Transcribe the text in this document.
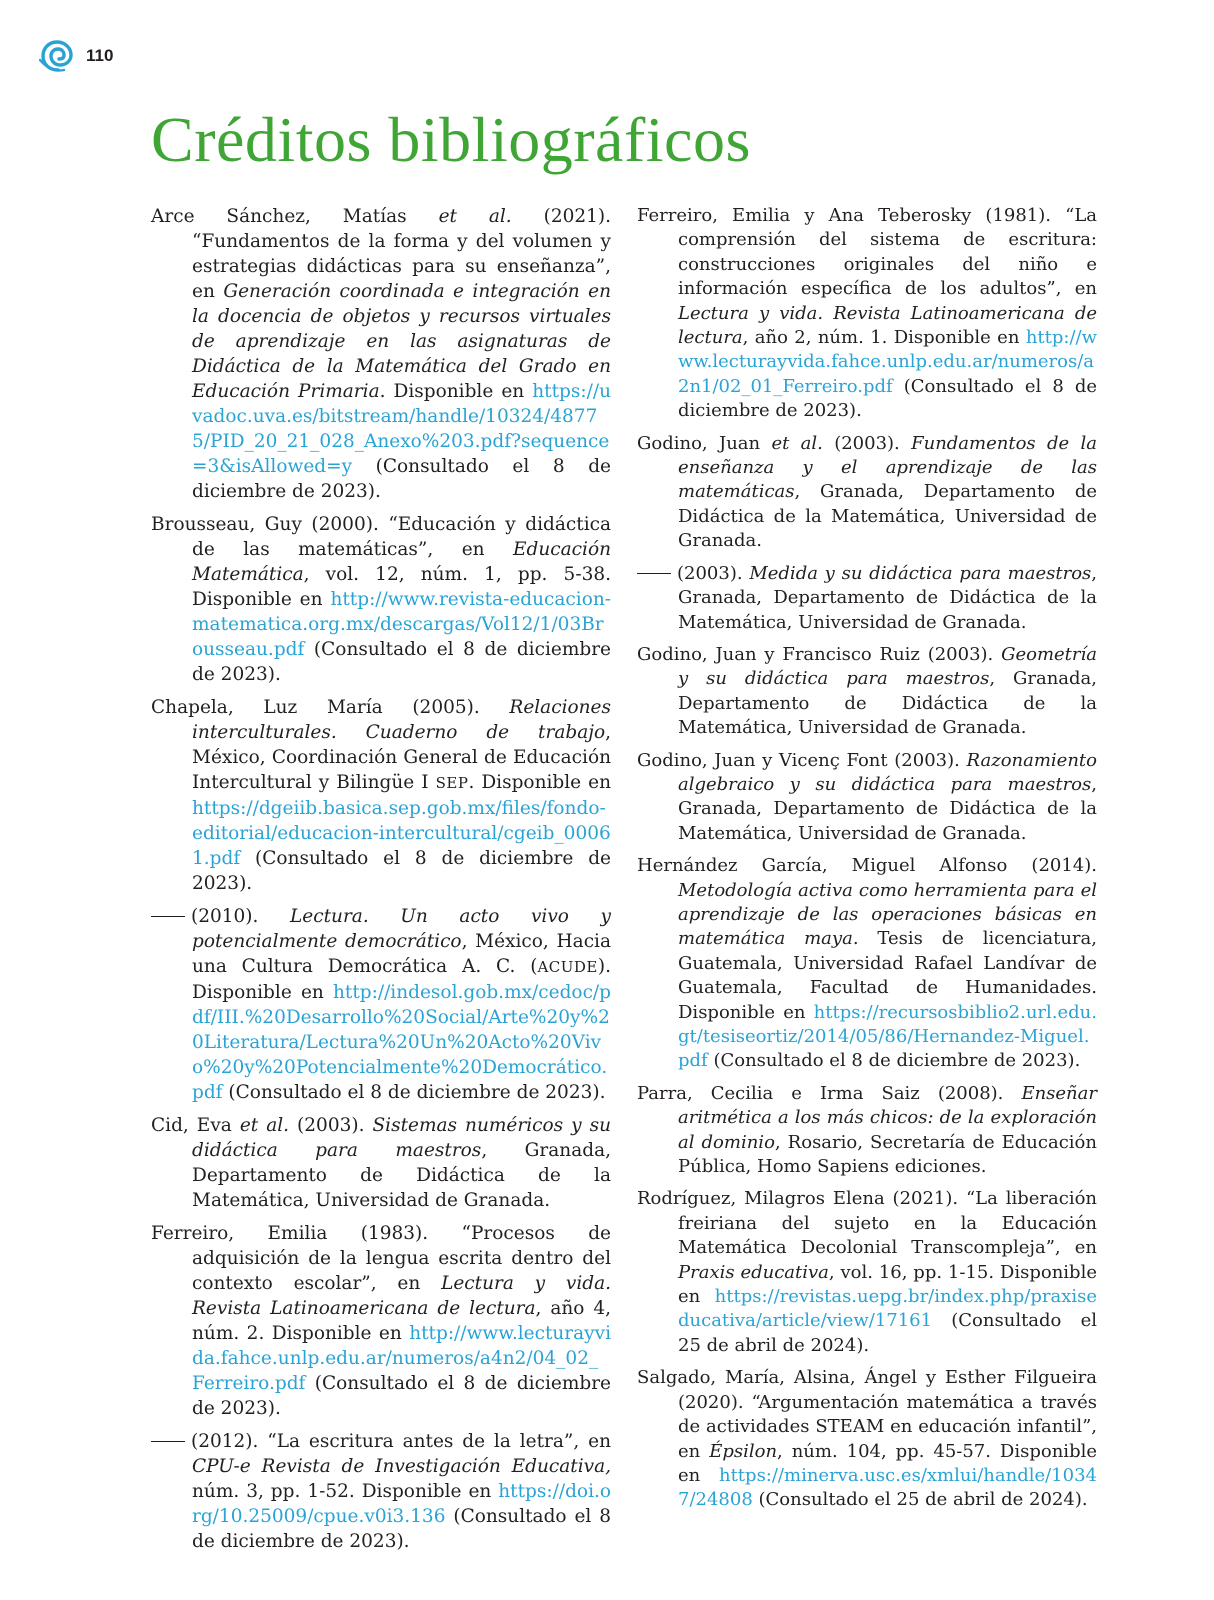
110
Créditos bibliográficos

Arce Sánchez, Matías et al. (2021). “Fundamentos de la forma y del volumen y estrategias didácticas para su enseñanza”, en Generación coordinada e integración en la docencia de objetos y recursos virtuales de aprendizaje en las asignaturas de Didáctica de la Matemática del Grado en Educación Primaria. Disponible en https://uvadoc.uva.es/bitstream/handle/10324/48775/PID_20_21_028_Anexo%203.pdf?sequence=3&isAllowed=y (Consultado el 8 de diciembre de 2023).

Brousseau, Guy (2000). “Educación y didáctica de las matemáticas”, en Educación Matemática, vol. 12, núm. 1, pp. 5-38. Disponible en http://www.revista-educacion-matematica.org.mx/descargas/Vol12/1/03Brousseau.pdf (Consultado el 8 de diciembre de 2023).

Chapela, Luz María (2005). Relaciones interculturales. Cuaderno de trabajo, México, Coordinación General de Educación Intercultural y Bilingüe I SEP. Disponible en https://dgeiib.basica.sep.gob.mx/files/fondo-editorial/educacion-intercultural/cgeib_00061.pdf (Consultado el 8 de diciembre de 2023).

(2010). Lectura. Un acto vivo y potencialmente democrático, México, Hacia una Cultura Democrática A. C. (ACUDE). Disponible en http://indesol.gob.mx/cedoc/pdf/III.%20Desarrollo%20Social/Arte%20y%20Literatura/Lectura%20Un%20Acto%20Vivo%20y%20Potencialmente%20Democrático.pdf (Consultado el 8 de diciembre de 2023).

Cid, Eva et al. (2003). Sistemas numéricos y su didáctica para maestros, Granada, Departamento de Didáctica de la Matemática, Universidad de Granada.

Ferreiro, Emilia (1983). “Procesos de adquisición de la lengua escrita dentro del contexto escolar”, en Lectura y vida. Revista Latinoamericana de lectura, año 4, núm. 2. Disponible en http://www.lecturayvida.fahce.unlp.edu.ar/numeros/a4n2/04_02_Ferreiro.pdf (Consultado el 8 de diciembre de 2023).

(2012). “La escritura antes de la letra”, en CPU-e Revista de Investigación Educativa, núm. 3, pp. 1-52. Disponible en https://doi.org/10.25009/cpue.v0i3.136 (Consultado el 8 de diciembre de 2023).

Ferreiro, Emilia y Ana Teberosky (1981). “La comprensión del sistema de escritura: construcciones originales del niño e información específica de los adultos”, en Lectura y vida. Revista Latinoamericana de lectura, año 2, núm. 1. Disponible en http://www.lecturayvida.fahce.unlp.edu.ar/numeros/a2n1/02_01_Ferreiro.pdf (Consultado el 8 de diciembre de 2023).

Godino, Juan et al. (2003). Fundamentos de la enseñanza y el aprendizaje de las matemáticas, Granada, Departamento de Didáctica de la Matemática, Universidad de Granada.

(2003). Medida y su didáctica para maestros, Granada, Departamento de Didáctica de la Matemática, Universidad de Granada.

Godino, Juan y Francisco Ruiz (2003). Geometría y su didáctica para maestros, Granada, Departamento de Didáctica de la Matemática, Universidad de Granada.

Godino, Juan y Vicenç Font (2003). Razonamiento algebraico y su didáctica para maestros, Granada, Departamento de Didáctica de la Matemática, Universidad de Granada.

Hernández García, Miguel Alfonso (2014). Metodología activa como herramienta para el aprendizaje de las operaciones básicas en matemática maya. Tesis de licenciatura, Guatemala, Universidad Rafael Landívar de Guatemala, Facultad de Humanidades. Disponible en https://recursosbiblio2.url.edu.gt/tesiseortiz/2014/05/86/Hernandez-Miguel.pdf (Consultado el 8 de diciembre de 2023).

Parra, Cecilia e Irma Saiz (2008). Enseñar aritmética a los más chicos: de la exploración al dominio, Rosario, Secretaría de Educación Pública, Homo Sapiens ediciones.

Rodríguez, Milagros Elena (2021). “La liberación freiriana del sujeto en la Educación Matemática Decolonial Transcompleja”, en Praxis educativa, vol. 16, pp. 1-15. Disponible en https://revistas.uepg.br/index.php/praxiseducativa/article/view/17161 (Consultado el 25 de abril de 2024).

Salgado, María, Alsina, Ángel y Esther Filgueira (2020). “Argumentación matemática a través de actividades STEAM en educación infantil”, en Épsilon, núm. 104, pp. 45-57. Disponible en https://minerva.usc.es/xmlui/handle/10347/24808 (Consultado el 25 de abril de 2024).
